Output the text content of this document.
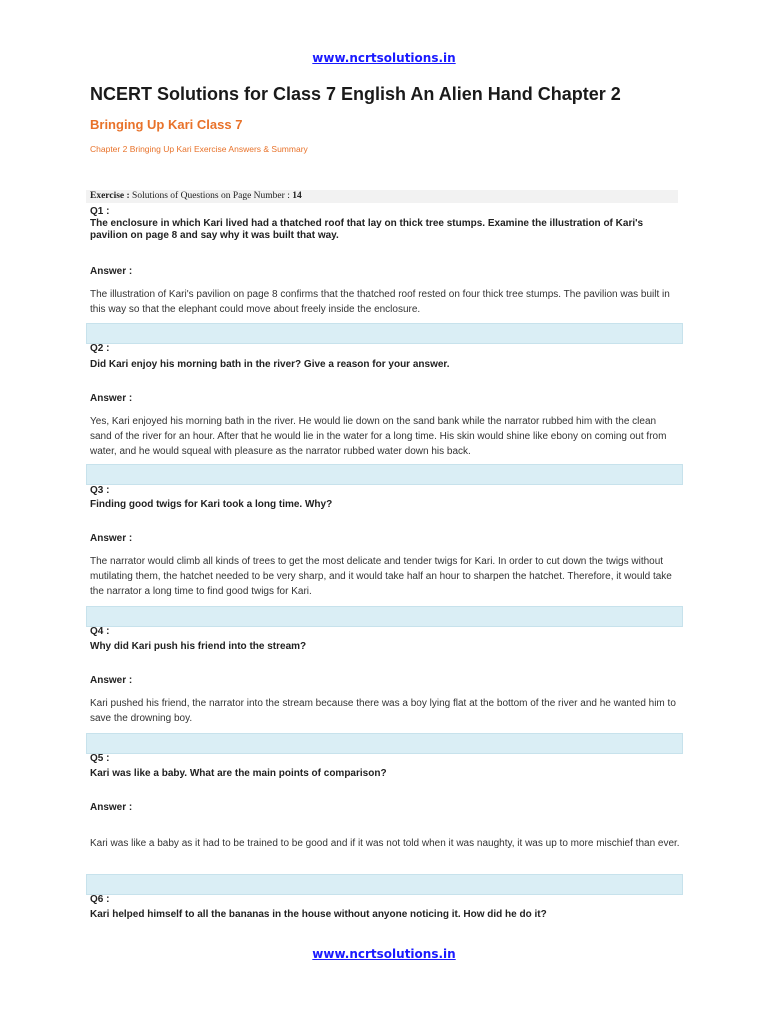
www.ncrtsolutions.in
NCERT Solutions for Class 7 English An Alien Hand Chapter 2
Bringing Up Kari Class 7
Chapter 2 Bringing Up Kari Exercise Answers & Summary
Exercise : Solutions of Questions on Page Number : 14
Q1 :
The enclosure in which Kari lived had a thatched roof that lay on thick tree stumps. Examine the illustration of Kari's pavilion on page 8 and say why it was built that way.
Answer :
The illustration of Kari's pavilion on page 8 confirms that the thatched roof rested on four thick tree stumps. The pavilion was built in this way so that the elephant could move about freely inside the enclosure.
Q2 :
Did Kari enjoy his morning bath in the river? Give a reason for your answer.
Answer :
Yes, Kari enjoyed his morning bath in the river. He would lie down on the sand bank while the narrator rubbed him with the clean sand of the river for an hour. After that he would lie in the water for a long time. His skin would shine like ebony on coming out from water, and he would squeal with pleasure as the narrator rubbed water down his back.
Q3 :
Finding good twigs for Kari took a long time. Why?
Answer :
The narrator would climb all kinds of trees to get the most delicate and tender twigs for Kari. In order to cut down the twigs without mutilating them, the hatchet needed to be very sharp, and it would take half an hour to sharpen the hatchet. Therefore, it would take the narrator a long time to find good twigs for Kari.
Q4 :
Why did Kari push his friend into the stream?
Answer :
Kari pushed his friend, the narrator into the stream because there was a boy lying flat at the bottom of the river and he wanted him to save the drowning boy.
Q5 :
Kari was like a baby. What are the main points of comparison?
Answer :
Kari was like a baby as it had to be trained to be good and if it was not told when it was naughty, it was up to more mischief than ever.
Q6 :
Kari helped himself to all the bananas in the house without anyone noticing it. How did he do it?
www.ncrtsolutions.in
